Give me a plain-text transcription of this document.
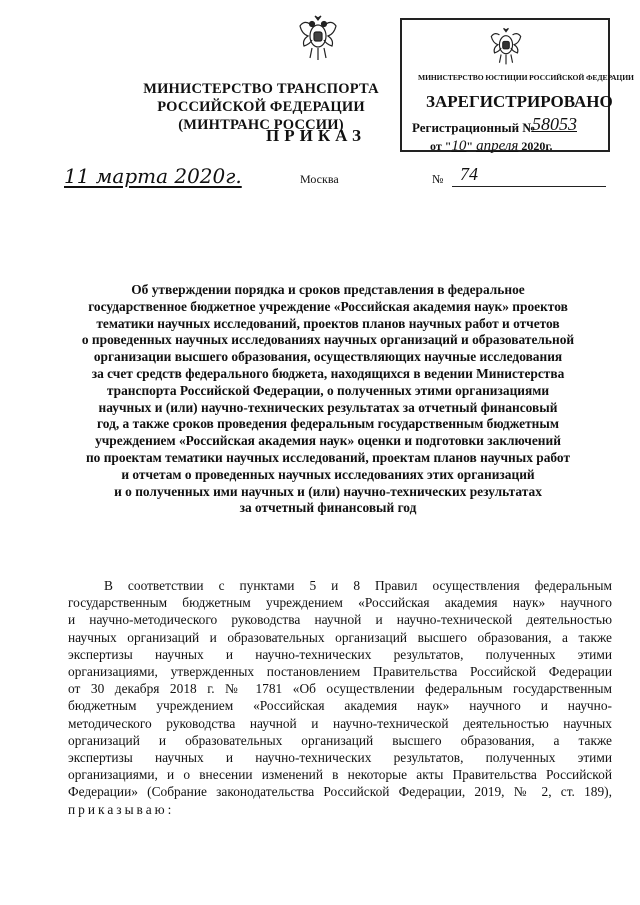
МИНИСТЕРСТВО ТРАНСПОРТА РОССИЙСКОЙ ФЕДЕРАЦИИ
(МИНТРАНС РОССИИ)
ПРИКАЗ
11 марта 2020г.	Москва	№ 74
МИНИСТЕРСТВО ЮСТИЦИИ РОССИЙСКОЙ ФЕДЕРАЦИИ
ЗАРЕГИСТРИРОВАНО
Регистрационный №
58053
от "10" апреля 2020г.
Об утверждении порядка и сроков представления в федеральное
государственное бюджетное учреждение «Российская академия наук» проектов
тематики научных исследований, проектов планов научных работ и отчетов
о проведенных научных исследованиях научных организаций и образовательной
организации высшего образования, осуществляющих научные исследования
за счет средств федерального бюджета, находящихся в ведении Министерства
транспорта Российской Федерации, о полученных этими организациями
научных и (или) научно-технических результатах за отчетный финансовый
год, а также сроков проведения федеральным государственным бюджетным
учреждением «Российская академия наук» оценки и подготовки заключений
по проектам тематики научных исследований, проектам планов научных работ
и отчетам о проведенных научных исследованиях этих организаций
и о полученных ими научных и (или) научно-технических результатах
за отчетный финансовый год
В соответствии с пунктами 5 и 8 Правил осуществления федеральным
государственным бюджетным учреждением «Российская академия наук» научного
и научно-методического руководства научной и научно-технической деятельностью
научных организаций и образовательных организаций высшего образования, а также
экспертизы научных и научно-технических результатов, полученных этими
организациями, утвержденных постановлением Правительства Российской Федерации
от 30 декабря 2018 г. № 1781 «Об осуществлении федеральным государственным
бюджетным учреждением «Российская академия наук» научного и научно-
методического руководства научной и научно-технической деятельностью научных
организаций и образовательных организаций высшего образования, а также
экспертизы научных и научно-технических результатов, полученных этими
организациями, и о внесении изменений в некоторые акты Правительства Российской
Федерации» (Собрание законодательства Российской Федерации, 2019, № 2, ст. 189),
приказываю:
